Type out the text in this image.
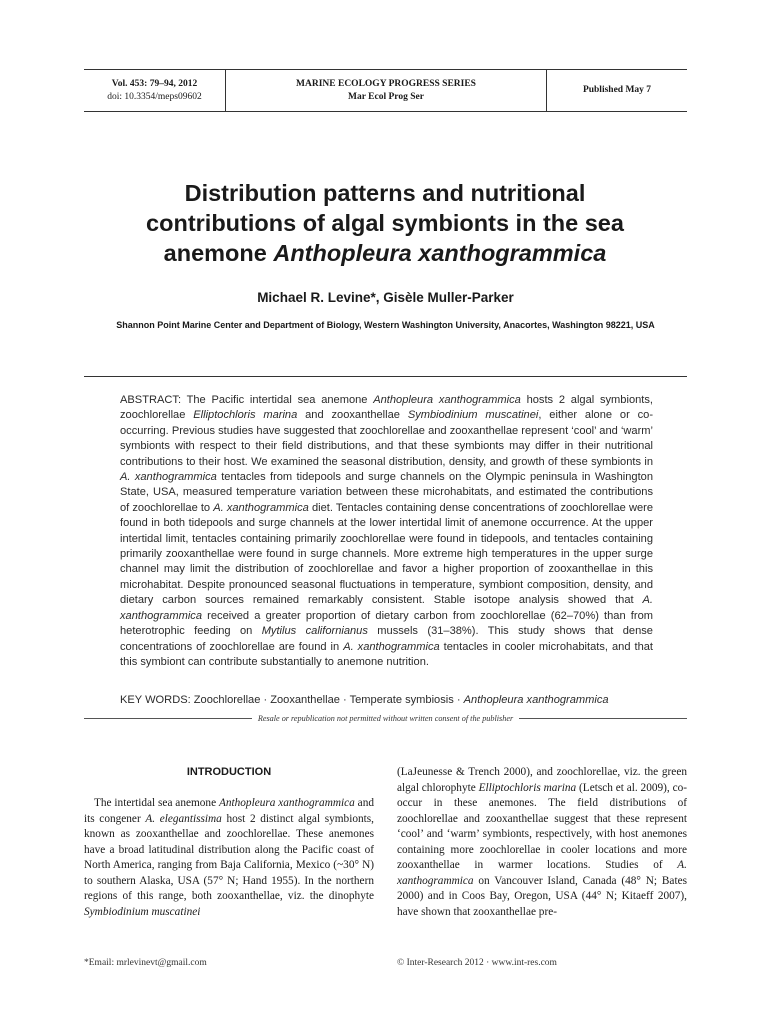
Vol. 453: 79–94, 2012
doi: 10.3354/meps09602
MARINE ECOLOGY PROGRESS SERIES
Mar Ecol Prog Ser
Published May 7
Distribution patterns and nutritional
contributions of algal symbionts in the sea
anemone Anthopleura xanthogrammica
Michael R. Levine*, Gisèle Muller-Parker
Shannon Point Marine Center and Department of Biology, Western Washington University, Anacortes, Washington 98221, USA
ABSTRACT: The Pacific intertidal sea anemone Anthopleura xanthogrammica hosts 2 algal symbionts, zoochlorellae Elliptochloris marina and zooxanthellae Symbiodinium muscatinei, either alone or co-occurring. Previous studies have suggested that zoochlorellae and zooxanthellae represent ‘cool’ and ‘warm’ symbionts with respect to their field distributions, and that these symbionts may differ in their nutritional contributions to their host. We examined the seasonal distribution, density, and growth of these symbionts in A. xanthogrammica tentacles from tidepools and surge channels on the Olympic peninsula in Washington State, USA, measured temperature variation between these microhabitats, and estimated the contributions of zoochlorellae to A. xanthogrammica diet. Tentacles containing dense concentrations of zoochlorellae were found in both tidepools and surge channels at the lower intertidal limit of anemone occurrence. At the upper intertidal limit, tentacles containing primarily zoochlorellae were found in tidepools, and tentacles containing primarily zooxanthellae were found in surge channels. More extreme high temperatures in the upper surge channel may limit the distribution of zoochlorellae and favor a higher proportion of zooxanthellae in this microhabitat. Despite pronounced seasonal fluctuations in temperature, symbiont composition, density, and dietary carbon sources remained remarkably consistent. Stable isotope analysis showed that A. xanthogrammica received a greater proportion of dietary carbon from zoochlorellae (62–70%) than from heterotrophic feeding on Mytilus californianus mussels (31–38%). This study shows that dense concentrations of zoochlorellae are found in A. xanthogrammica tentacles in cooler microhabitats, and that this symbiont can contribute substantially to anemone nutrition.
KEY WORDS: Zoochlorellae · Zooxanthellae · Temperate symbiosis · Anthopleura xanthogrammica
Resale or republication not permitted without written consent of the publisher
INTRODUCTION

The intertidal sea anemone Anthopleura xanthogrammica and its congener A. elegantissima host 2 distinct algal symbionts, known as zooxanthellae and zoochlorellae. These anemones have a broad latitudinal distribution along the Pacific coast of North America, ranging from Baja California, Mexico (~30° N) to southern Alaska, USA (57° N; Hand 1955). In the northern regions of this range, both zooxanthellae, viz. the dinophyte Symbiodinium muscatinei

(LaJeunesse & Trench 2000), and zoochlorellae, viz. the green algal chlorophyte Elliptochloris marina (Letsch et al. 2009), co-occur in these anemones. The field distributions of zoochlorellae and zooxanthellae suggest that these represent ‘cool’ and ‘warm’ symbionts, respectively, with host anemones containing more zoochlorellae in cooler locations and more zooxanthellae in warmer locations. Studies of A. xanthogrammica on Vancouver Island, Canada (48° N; Bates 2000) and in Coos Bay, Oregon, USA (44° N; Kitaeff 2007), have shown that zooxanthellae pre-

*Email: mrlevinevt@gmail.com	© Inter-Research 2012 · www.int-res.com
